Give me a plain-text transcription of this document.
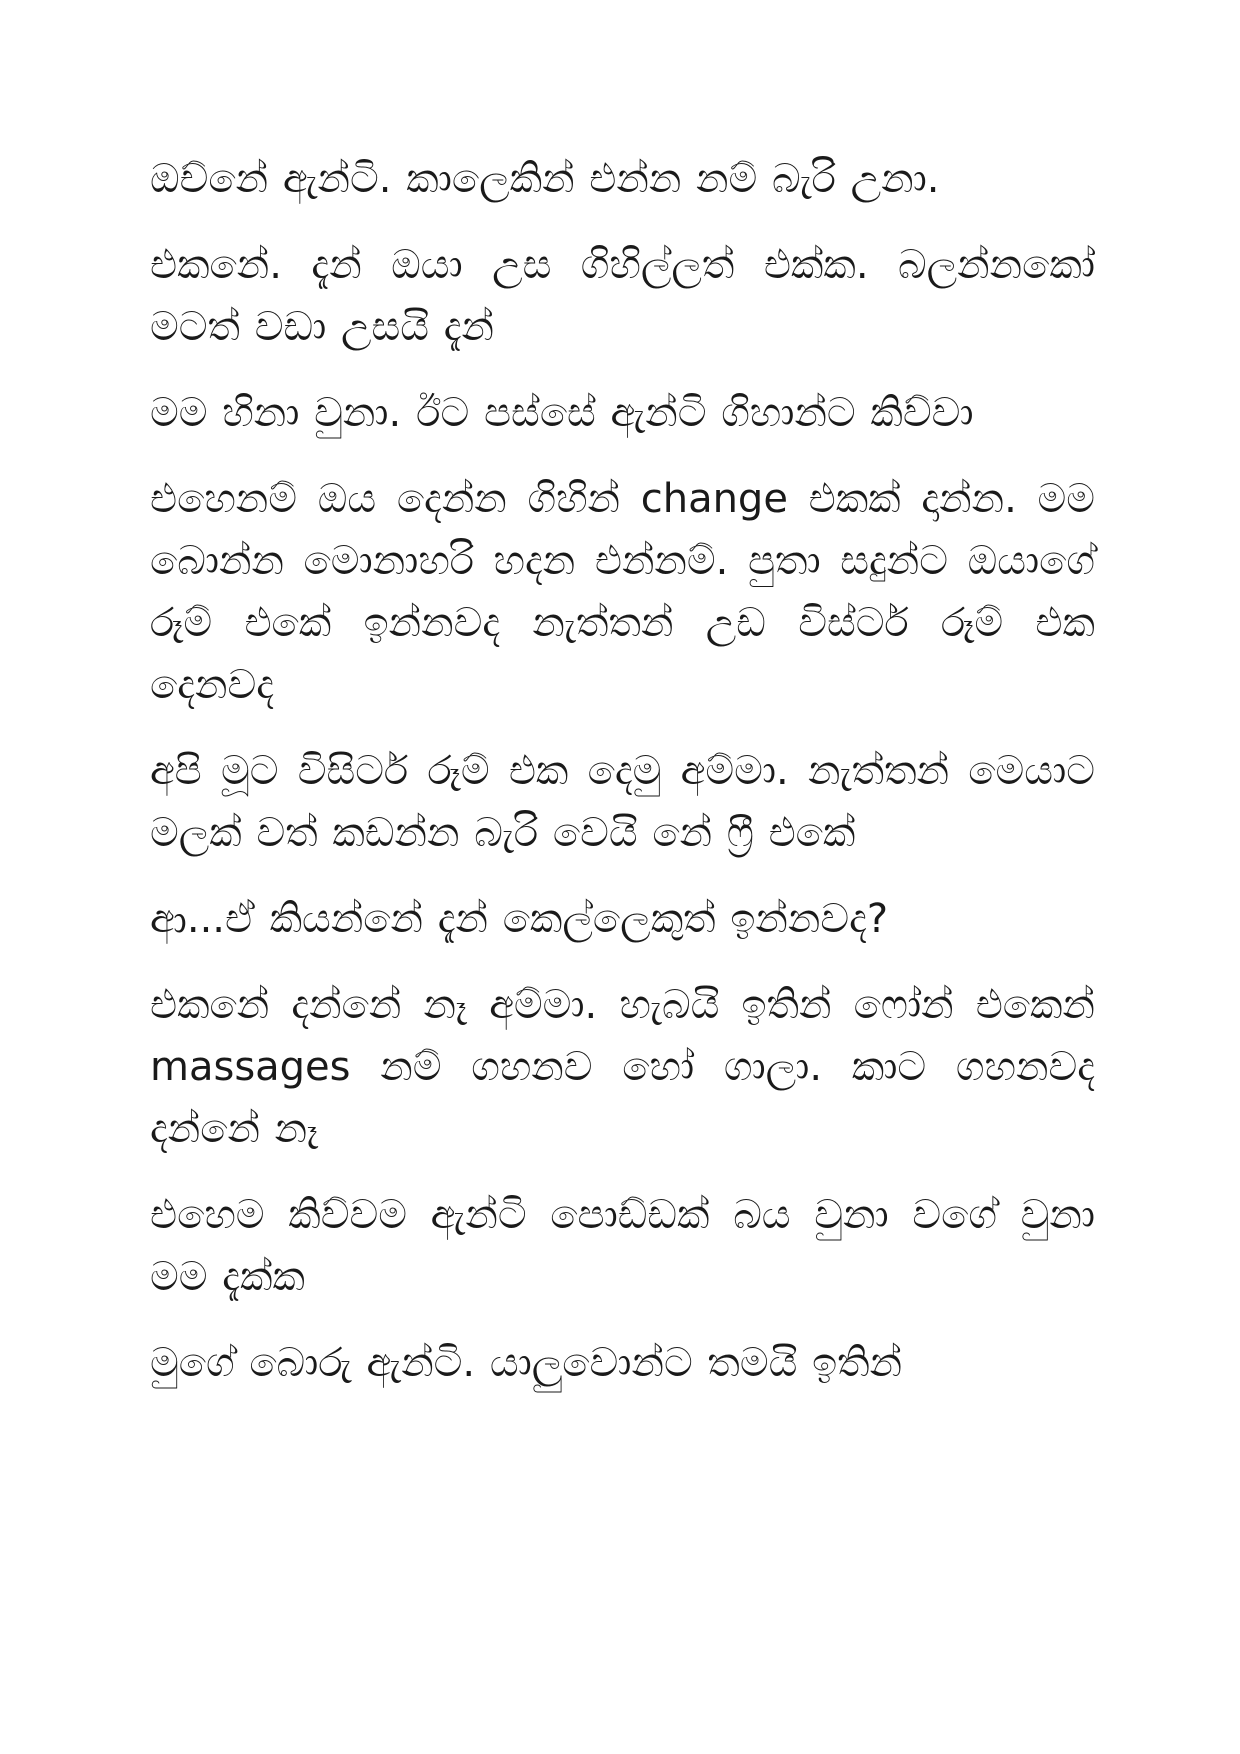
ඔච්නේ ඇන්ටි. කාලෙකින් එන්න නම් බැරි උනා.

එකනේ. දැන් ඔයා උස ගිහිල්ලත් එක්ක. බලන්නකෝ මටත් වඩා උසයි දැන්

මම හිනා වුනා. ඊට පස්සේ ඇන්ටි ගිහාන්ට කිව්වා

එහෙනම් ඔය දෙන්න ගිහින් change එකක් දාන්න. මම බොන්න මොනාහරි හදන එන්නම්. පුතා සදුන්ට ඔයාගේ රූම් එකේ ඉන්නවද නැත්තන් උඩ විස්ටර් රූම් එක දෙනවද

අපි මූට විසිටර් රූම් එක දෙමු අම්මා. නැත්තන් මෙයාට මලක් වත් කඩන්න බැරි වෙයි නේ ෆ්‍රී එකේ

ආ...ඒ කියන්නේ දැන් කෙල්ලෙකුත් ඉන්නවද?

එකනේ දන්නේ නෑ අම්මා. හැබයි ඉතින් ෆෝන් එකෙන් massages නම් ගහනව හෝ ගාලා. කාට ගහනවද දන්නේ නෑ

එහෙම කිව්වම ඇන්ටි පොඩ්ඩක් බය වුනා වගේ වුනා මම දැක්ක

මුගේ බොරු ඇන්ටි. යාලුවොන්ට තමයි ඉතින්
